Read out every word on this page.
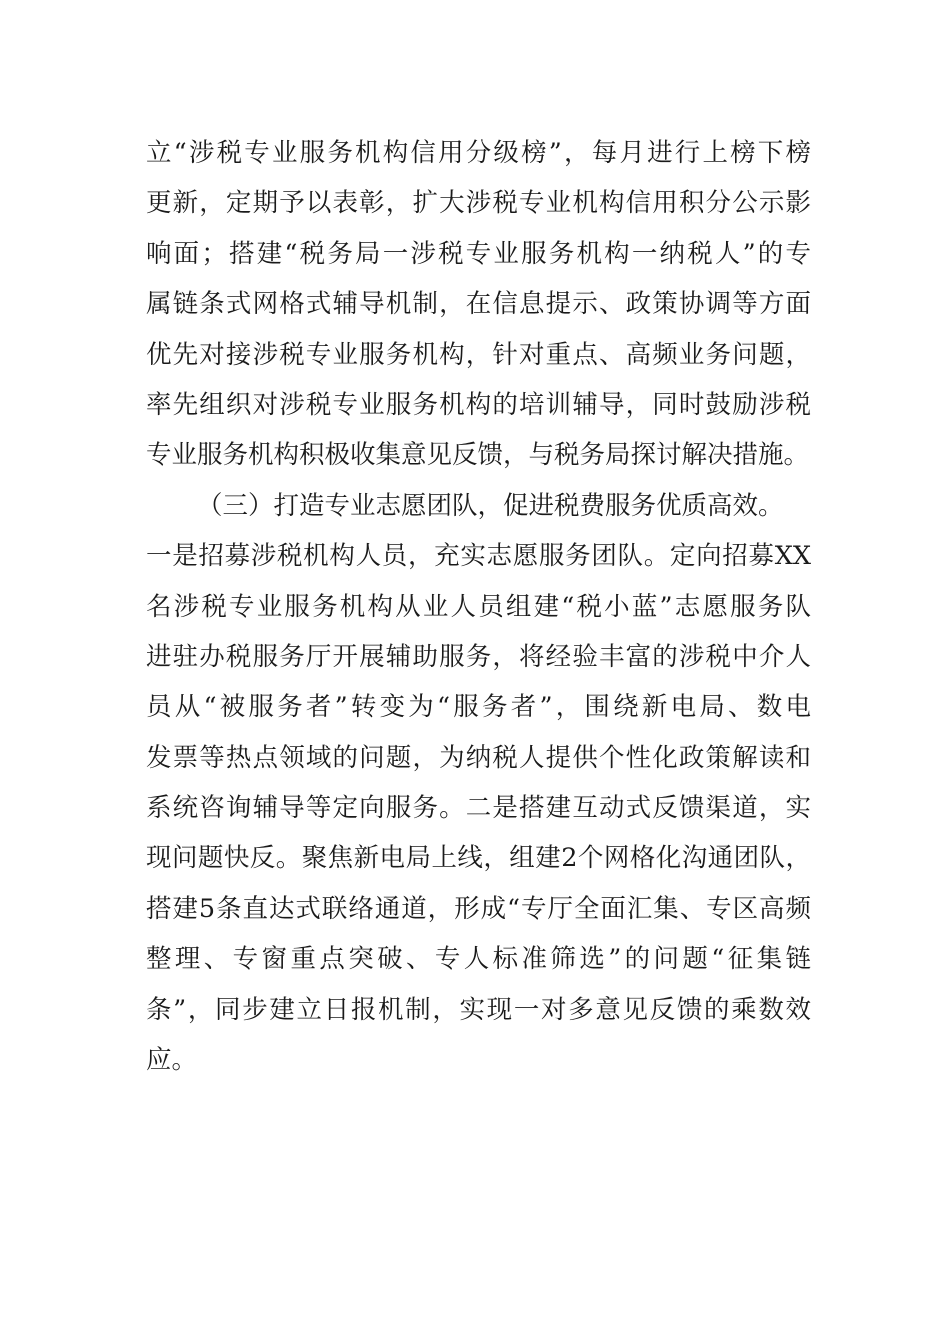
立“涉税专业服务机构信用分级榜”，每月进行上榜下榜
更新，定期予以表彰，扩大涉税专业机构信用积分公示影
响面；搭建“税务局一涉税专业服务机构一纳税人”的专
属链条式网格式辅导机制，在信息提示、政策协调等方面
优先对接涉税专业服务机构，针对重点、高频业务问题，
率先组织对涉税专业服务机构的培训辅导，同时鼓励涉税
专业服务机构积极收集意见反馈，与税务局探讨解决措施。
（三）打造专业志愿团队，促进税费服务优质高效。
一是招募涉税机构人员，充实志愿服务团队。定向招募XX
名涉税专业服务机构从业人员组建“税小蓝”志愿服务队
进驻办税服务厅开展辅助服务，将经验丰富的涉税中介人
员从“被服务者”转变为“服务者”，围绕新电局、数电
发票等热点领域的问题，为纳税人提供个性化政策解读和
系统咨询辅导等定向服务。二是搭建互动式反馈渠道，实
现问题快反。聚焦新电局上线，组建2个网格化沟通团队，
搭建5条直达式联络通道，形成“专厅全面汇集、专区高频
整理、专窗重点突破、专人标准筛选”的问题“征集链
条”，同步建立日报机制，实现一对多意见反馈的乘数效
应。
